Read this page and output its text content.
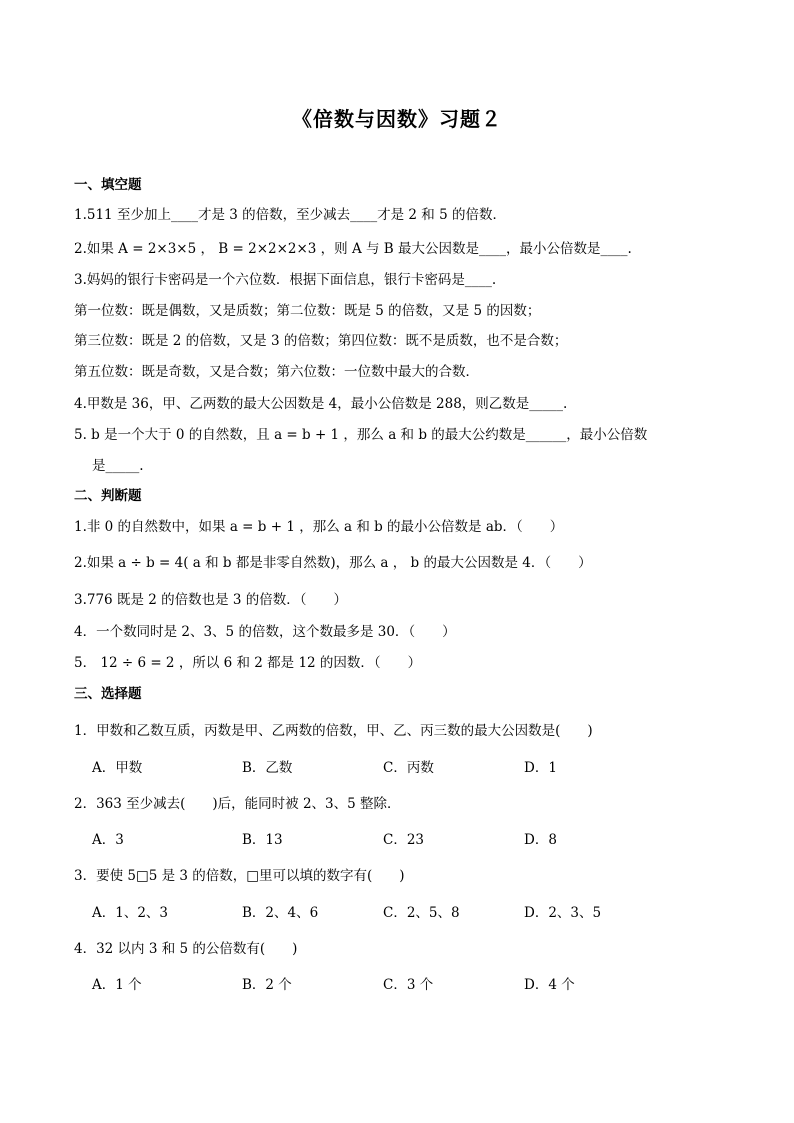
《倍数与因数》习题２
一、填空题
1.511 至少加上____才是 3 的倍数，至少减去____才是 2 和 5 的倍数．
2.如果 A = 2×3×5 ， B = 2×2×2×3 ，则 A 与 B 最大公因数是____，最小公倍数是____.
3.妈妈的银行卡密码是一个六位数．根据下面信息，银行卡密码是____.
第一位数：既是偶数，又是质数；第二位数：既是 5 的倍数，又是 5 的因数；
第三位数：既是 2 的倍数，又是 3 的倍数；第四位数：既不是质数，也不是合数；
第五位数：既是奇数，又是合数；第六位数：一位数中最大的合数．
4.甲数是 36，甲、乙两数的最大公因数是 4，最小公倍数是 288，则乙数是_____.
5. b 是一个大于 0 的自然数，且 a = b + 1 ，那么 a 和 b 的最大公约数是______，最小公倍数
是_____.
二、判断题
1.非 0 的自然数中，如果 a = b + 1 ，那么 a 和 b 的最小公倍数是 ab．（　　）
2.如果 a ÷ b = 4( a 和 b 都是非零自然数)，那么 a ， b 的最大公因数是 4．（　　）
3.776 既是 2 的倍数也是 3 的倍数．（　　）
4．一个数同时是 2、3、5 的倍数，这个数最多是 30．（　　）
5． 12 ÷ 6 = 2 ，所以 6 和 2 都是 12 的因数．（　　）
三、选择题
1．甲数和乙数互质，丙数是甲、乙两数的倍数，甲、乙、丙三数的最大公因数是(　　)
A．甲数	B．乙数	C．丙数	D．1
2．363 至少减去(　　)后，能同时被 2、3、5 整除．
A．3	B．13	C．23	D．8
3．要使 5□5 是 3 的倍数，□里可以填的数字有(　　)
A．1、2、3	B．2、4、6	C．2、5、8	D．2、3、5
4．32 以内 3 和 5 的公倍数有(　　)
A．1 个	B．2 个	C．3 个	D．4 个
